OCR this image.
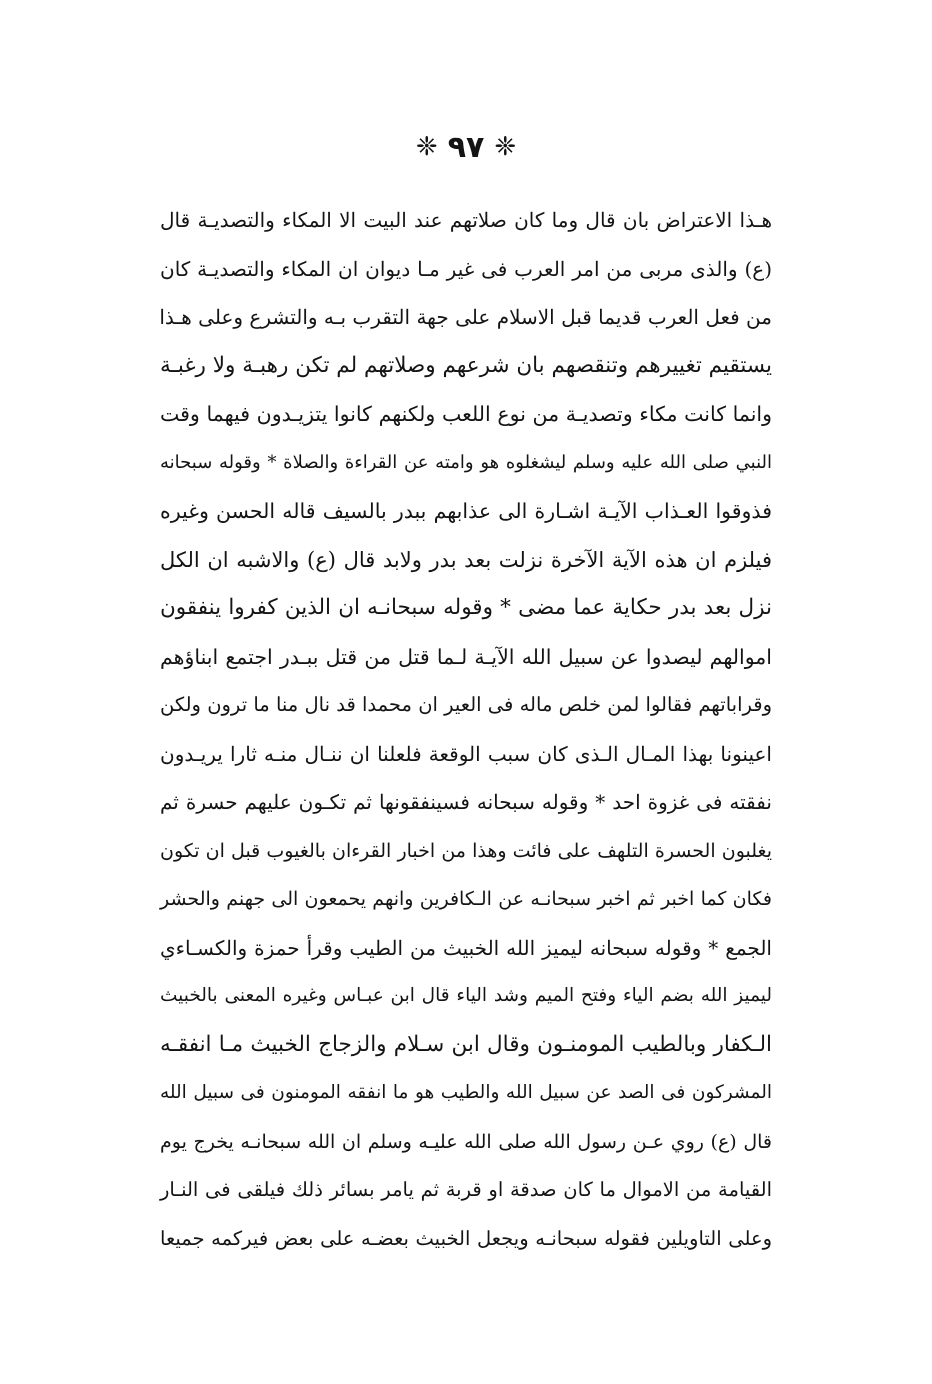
❈ ٩٧ ❈
هـذا الاعتراض بان قال وما كان صلاتهم عند البيت الا المكاء والتصديـة قال
(ع) والذى مربى من امر العرب فى غير مـا ديوان ان المكاء والتصديـة كان
من فعل العرب قديما قبل الاسلام على جهة التقرب بـه والتشرع وعلى هـذا
يستقيم تغييرهم وتنقصهم بان شرعهم وصلاتهم لم تكن رهبـة ولا رغبـة
وانما كانت مكاء وتصديـة من نوع اللعب ولكنهم كانوا يتزيـدون فيهما وقت
النبي صلى الله عليه وسلم ليشغلوه هو وامته عن القراءة والصلاة * وقوله سبحانه
فذوقوا العـذاب الآيـة اشـارة الى عذابهم ببدر بالسيف قاله الحسن وغيره
فيلزم ان هذه الآية الآخرة نزلت بعد بدر ولابد قال (ع) والاشبه ان الكل
نزل بعد بدر حكاية عما مضى * وقوله سبحانـه ان الذين كفروا ينفقون
اموالهم ليصدوا عن سبيل الله الآيـة لـما قتل من قتل ببـدر اجتمع ابناؤهم
وقراباتهم فقالوا لمن خلص ماله فى العير ان محمدا قد نال منا ما ترون ولكن
اعينونا بهذا المـال الـذى كان سبب الوقعة فلعلنا ان ننـال منـه ثارا يريـدون
نفقته فى غزوة احد * وقوله سبحانه فسينفقونها ثم تكـون عليهم حسرة ثم
يغلبون الحسرة التلهف على فائت وهذا من اخبار القرءان بالغيوب قبل ان تكون
فكان كما اخبر ثم اخبر سبحانـه عن الـكافرين وانهم يحمعون الى جهنم والحشر
الجمع * وقوله سبحانه ليميز الله الخبيث من الطيب وقرأ حمزة والكسـاءي
ليميز الله بضم الياء وفتح الميم وشد الياء قال ابن عبـاس وغيره المعنى بالخبيث
الـكفار وبالطيب المومنـون وقال ابن سـلام والزجاج الخبيث مـا انفقـه
المشركون فى الصد عن سبيل الله والطيب هو ما انفقه المومنون فى سبيل الله
قال (ع) روي عـن رسول الله صلى الله عليـه وسلم ان الله سبحانـه يخرج يوم
القيامة من الاموال ما كان صدقة او قربة ثم يامر بسائر ذلك فيلقى فى النـار
وعلى التاويلين فقوله سبحانـه ويجعل الخبيث بعضـه على بعض فيركمه جميعا
